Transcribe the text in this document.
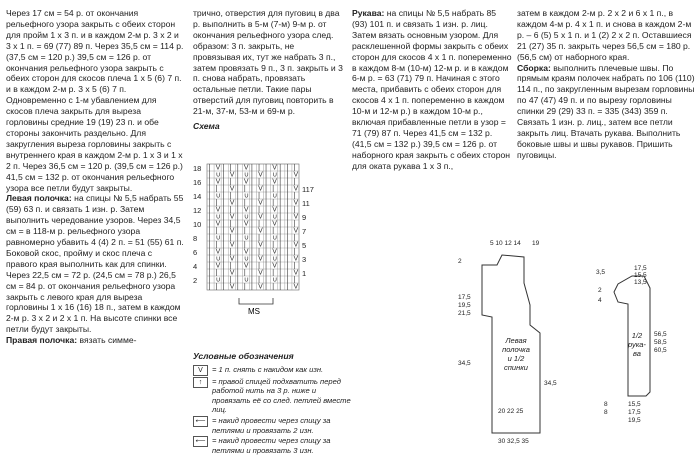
Через 17 см = 54 р. от окончания рельефного узора закрыть с обеих сторон для пройм 1 х 3 п. и в каждом 2-м р. 3 х 2 и 3 х 1 п. = 69 (77) 89 п. Через 35,5 см = 114 р. (37,5 см = 120 р.) 39,5 см = 126 р. от окончания рельефного узора закрыть с обеих сторон для скосов плеча 1 х 5 (6) 7 п. и в каждом 2-м р. 3 х 5 (6) 7 п. Одновременно с 1-м убавлением для скосов плеча закрыть для выреза горловины средние 19 (19) 23 п. и обе стороны закончить раздельно. Для закругления выреза горловины закрыть с внутреннего края в каждом 2-м р. 1 х 3 и 1 х 2 п. Через 36,5 см = 120 р. (39,5 см = 126 р.) 41,5 см = 132 р. от окончания рельефного узора все петли будут закрыты.

Левая полочка: на спицы № 5,5 набрать 55 (59) 63 п. и связать 1 изн. р. Затем выполнить чередование узоров. Через 34,5 см = в 118-м р. рельефного узора равномерно убавить 4 (4) 2 п. = 51 (55) 61 п. Боковой скос, пройму и скос плеча с правого края выполнить как для спинки. Через 22,5 см = 72 р. (24,5 см = 78 р.) 26,5 см = 84 р. от окончания рельефного узора закрыть с левого края для выреза горловины 1 х 16 (16) 18 п., затем в каждом 2-м р. 3 х 2 и 2 х 1 п. На высоте спинки все петли будут закрыты.

Правая полочка: вязать симме-

трично, отверстия для пуговиц в два р. выполнить в 5-м (7-м) 9-м р. от окончания рельефного узора след. образом: 3 п. закрыть, не провязывая их, тут же набрать 3 п., затем провязать 9 п., 3 п. закрыть и 3 п. снова набрать, провязать остальные петли. Такие пары отверстий для пуговиц повторить в 21-м, 37-м, 53-м и 69-м р.

Схема

| V | | | V | | | V | | |
| ∪ | V | ∪ | V | ∪ | | V
| V | | | V | | | V | | |
| | | V | | | V | | | | V
| ∪ | | | ∪ | | | ∪ | | |
| | | V | | | V | | | | V
| V | | | V | | | V | | |
| ∪ | V | ∪ | V | ∪ | | V
| V | | | V | | | V | | |
| | | V | | | V | | | | V
| ∪ | | | ∪ | | | ∪ | | |
| | | V | | | V | | | | V
| V | | | V | | | V | | |
| ∪ | V | ∪ | V | ∪ | | V
| V | | | V | | | V | | |
| | | V | | | V | | | | V
| ∪ | | | ∪ | | | ∪ | | |
| | | V | | | V | | | | V
18
16
14
12
10
8
6
4
2
117
11
9
7
5
3
1
MS
Условные обозначения
V	= 1 п. снять с накидом как изн.
↑	= правой спицей подхватить перед работой нить на 3 р. ниже и провязать её со след. петлей вместе лиц.
⟵ = накид провести через спицу за петлями и провязать 2 изн.
⟵ = накид провести через спицу за петлями и провязать 3 изн.

Рукава: на спицы № 5,5 набрать 85 (93) 101 п. и связать 1 изн. р. лиц. Затем вязать основным узором. Для расклешенной формы закрыть с обеих сторон для скосов 4 х 1 п. попеременно в каждом 8-м (10-м) 12-м р. и в каждом 6-м р. = 63 (71) 79 п. Начиная с этого места, прибавить с обеих сторон для скосов 4 х 1 п. попеременно в каждом 10-м и 12-м р.) в каждом 10-м р., включая прибавленные петли в узор = 71 (79) 87 п. Через 41,5 см = 132 р. (41,5 см = 132 р.) 39,5 см = 126 р. от наборного края закрыть с обеих сторон для оката рукава 1 х 3 п.,

затем в каждом 2-м р. 2 х 2 и 6 х 1 п., в каждом 4-м р. 4 х 1 п. и снова в каждом 2-м р. – 6 (5) 5 х 1 п. и 1 (2) 2 х 2 п. Оставшиеся 21 (27) 35 п. закрыть через 56,5 см = 180 р. (56,5 см) от наборного края.

Сборка: выполнить плечевые швы. По прямым краям полочек набрать по 106 (110) 114 п., по закругленным вырезам горловины по 47 (47) 49 п. и по вырезу горловины спинки 29 (29) 33 п. = 335 (343) 359 п. Связать 1 изн. р. лиц., затем все петли закрыть лиц. Втачать рукава. Выполнить боковые швы и швы рукавов. Пришить пуговицы.

5 10 12 14 19
2
17,5
19,5
21,5
34,5
34,5
20 22 25
30 32,5 35
Левая
полочка
и 1/2
спинки
17,5
15,5
13,5
3,5
2
4
56,5
58,5
60,5
15,5
17,5
19,5
8
8
1/2
рука-
ва
